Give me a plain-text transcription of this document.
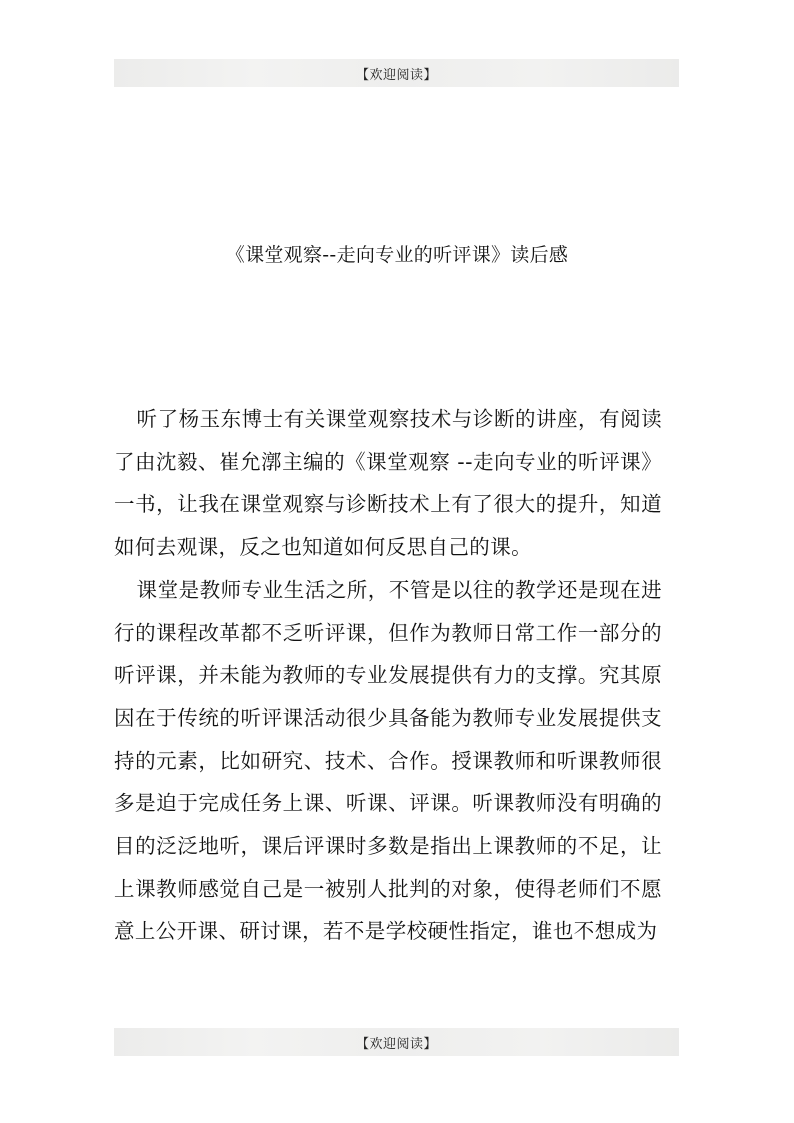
【欢迎阅读】
《课堂观察--走向专业的听评课》读后感

听了杨玉东博士有关课堂观察技术与诊断的讲座，有阅读了由沈毅、崔允漷主编的《课堂观察 --走向专业的听评课》一书，让我在课堂观察与诊断技术上有了很大的提升，知道如何去观课，反之也知道如何反思自己的课。

课堂是教师专业生活之所，不管是以往的教学还是现在进行的课程改革都不乏听评课，但作为教师日常工作一部分的听评课，并未能为教师的专业发展提供有力的支撑。究其原因在于传统的听评课活动很少具备能为教师专业发展提供支持的元素，比如研究、技术、合作。授课教师和听课教师很多是迫于完成任务上课、听课、评课。听课教师没有明确的目的泛泛地听，课后评课时多数是指出上课教师的不足，让上课教师感觉自己是一被别人批判的对象，使得老师们不愿意上公开课、研讨课，若不是学校硬性指定，谁也不想成为

【欢迎阅读】
